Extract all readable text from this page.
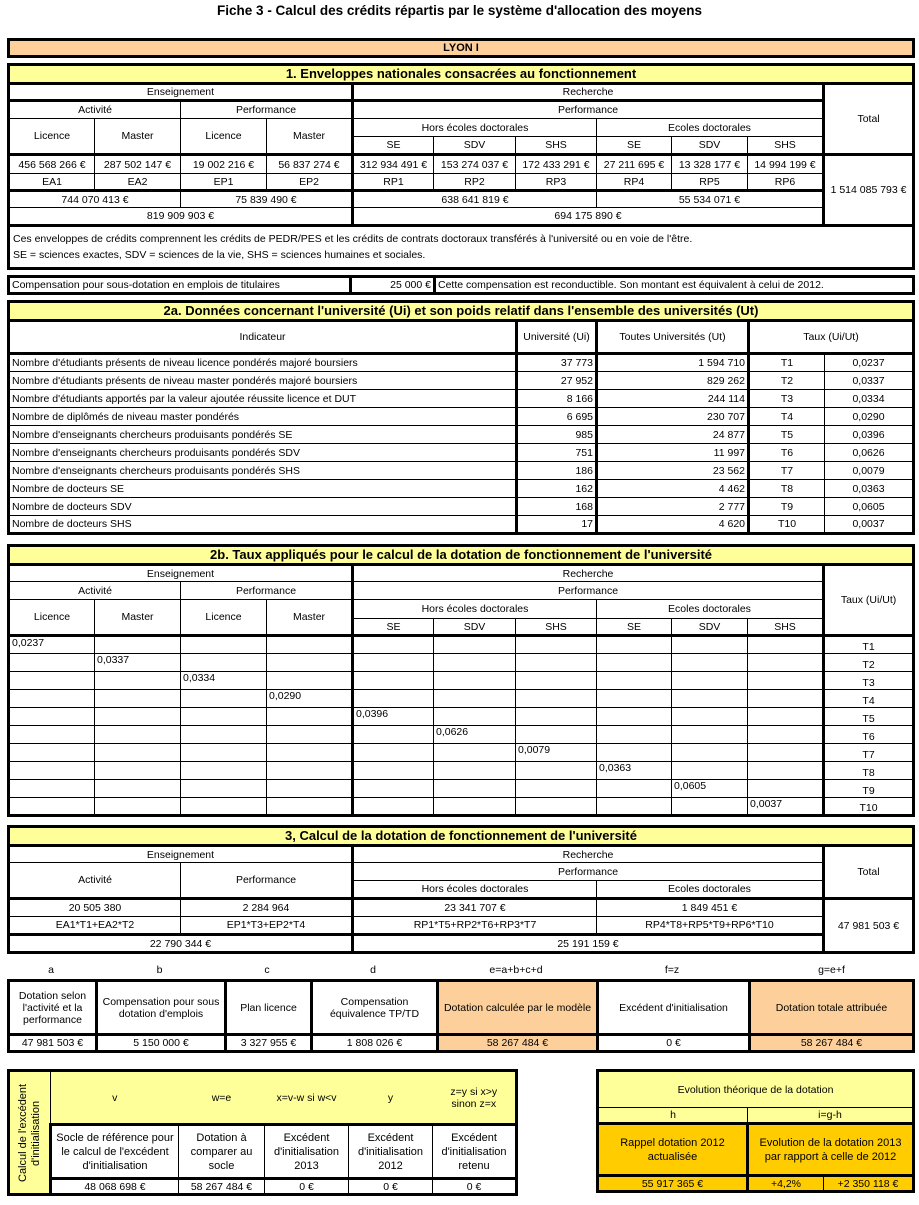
Fiche 3 - Calcul des crédits répartis par le système d'allocation des moyens
LYON I
1. Enveloppes nationales consacrées au fonctionnement										
Enseignement				Recherche						Total
Activité		Performance		Performance						
Licence	Master	Licence	Master	Hors écoles doctorales			Ecoles doctorales			
				SE	SDV	SHS	SE	SDV	SHS	
456 568 266 €	287 502 147 €	19 002 216 €	56 837 274 €	312 934 491 €	153 274 037 €	172 433 291 €	27 211 695 €	13 328 177 €	14 994 199 €	1 514 085 793 €
EA1	EA2	EP1	EP2	RP1	RP2	RP3	RP4	RP5	RP6	
744 070 413 €		75 839 490 €		638 641 819 €			55 534 071 €			
819 909 903 €				694 175 890 €						

Ces enveloppes de crédits comprennent les crédits de PEDR/PES et les crédits de contrats doctoraux transférés à l'université ou en voie de l'être.
SE = sciences exactes, SDV = sciences de la vie, SHS = sciences humaines et sociales.										
Compensation pour sous-dotation en emplois de titulaires	25 000 €	Cette compensation est reconductible. Son montant est équivalent à celui de 2012.
2a. Données concernant l'université (Ui) et son poids relatif dans l'ensemble des universités (Ut)				
Indicateur	Université (Ui)	Toutes Universités (Ut)	Taux (Ui/Ut)	
Nombre d'étudiants présents de niveau licence pondérés majoré boursiers	37 773	1 594 710	T1	0,0237
Nombre d'étudiants présents de niveau master pondérés majoré boursiers	27 952	829 262	T2	0,0337
Nombre d'étudiants apportés par la valeur ajoutée réussite licence et DUT	8 166	244 114	T3	0,0334
Nombre de diplômés de niveau master pondérés	6 695	230 707	T4	0,0290
Nombre d'enseignants chercheurs produisants pondérés SE	985	24 877	T5	0,0396
Nombre d'enseignants chercheurs produisants pondérés SDV	751	11 997	T6	0,0626
Nombre d'enseignants chercheurs produisants pondérés SHS	186	23 562	T7	0,0079
Nombre de docteurs SE	162	4 462	T8	0,0363
Nombre de docteurs SDV	168	2 777	T9	0,0605
Nombre de docteurs SHS	17	4 620	T10	0,0037
2b. Taux appliqués pour le calcul de la dotation de fonctionnement de l'université										
Enseignement				Recherche						Taux (Ui/Ut)
Activité		Performance		Performance						
Licence	Master	Licence	Master	Hors écoles doctorales			Ecoles doctorales			
				SE	SDV	SHS	SE	SDV	SHS	
0,0237										T1
	0,0337									T2
		0,0334								T3
			0,0290							T4
				0,0396						T5
					0,0626					T6
						0,0079				T7
							0,0363			T8
								0,0605		T9
									0,0037	T10
3, Calcul de la dotation de fonctionnement de l'université				
Enseignement		Recherche		Total
Activité	Performance	Performance		
		Hors écoles doctorales	Ecoles doctorales	
20 505 380	2 284 964	23 341 707 €	1 849 451 €	47 981 503 €
EA1*T1+EA2*T2	EP1*T3+EP2*T4	RP1*T5+RP2*T6+RP3*T7	RP4*T8+RP5*T9+RP6*T10	
22 790 344 €		25 191 159 €		
a	b	c	d	e=a+b+c+d	f=z	g=e+f
Dotation selon l'activité et la performance	Compensation pour sous dotation d'emplois	Plan licence	Compensation équivalence TP/TD	Dotation calculée par le modèle	Excédent d'initialisation	Dotation totale attribuée
47 981 503 €	5 150 000 €	3 327 955 €	1 808 026 €	58 267 484 €	0 €	58 267 484 €
Calcul de l'excédent d'initialisation	v	w=e	x=v-w si w<v	y	z=y si x>y sinon z=x
	Socle de référence pour le calcul de l'excédent d'initialisation	Dotation à comparer au socle	Excédent d'initialisation 2013	Excédent d'initialisation 2012	Excédent d'initialisation retenu
	48 068 698 €	58 267 484 €	0 €	0 €	0 €
Evolution théorique de la dotation		
h	i=g-h	
Rappel dotation 2012 actualisée	Evolution de la dotation 2013 par rapport à celle de 2012	
55 917 365 €	+4,2%	+2 350 118 €
